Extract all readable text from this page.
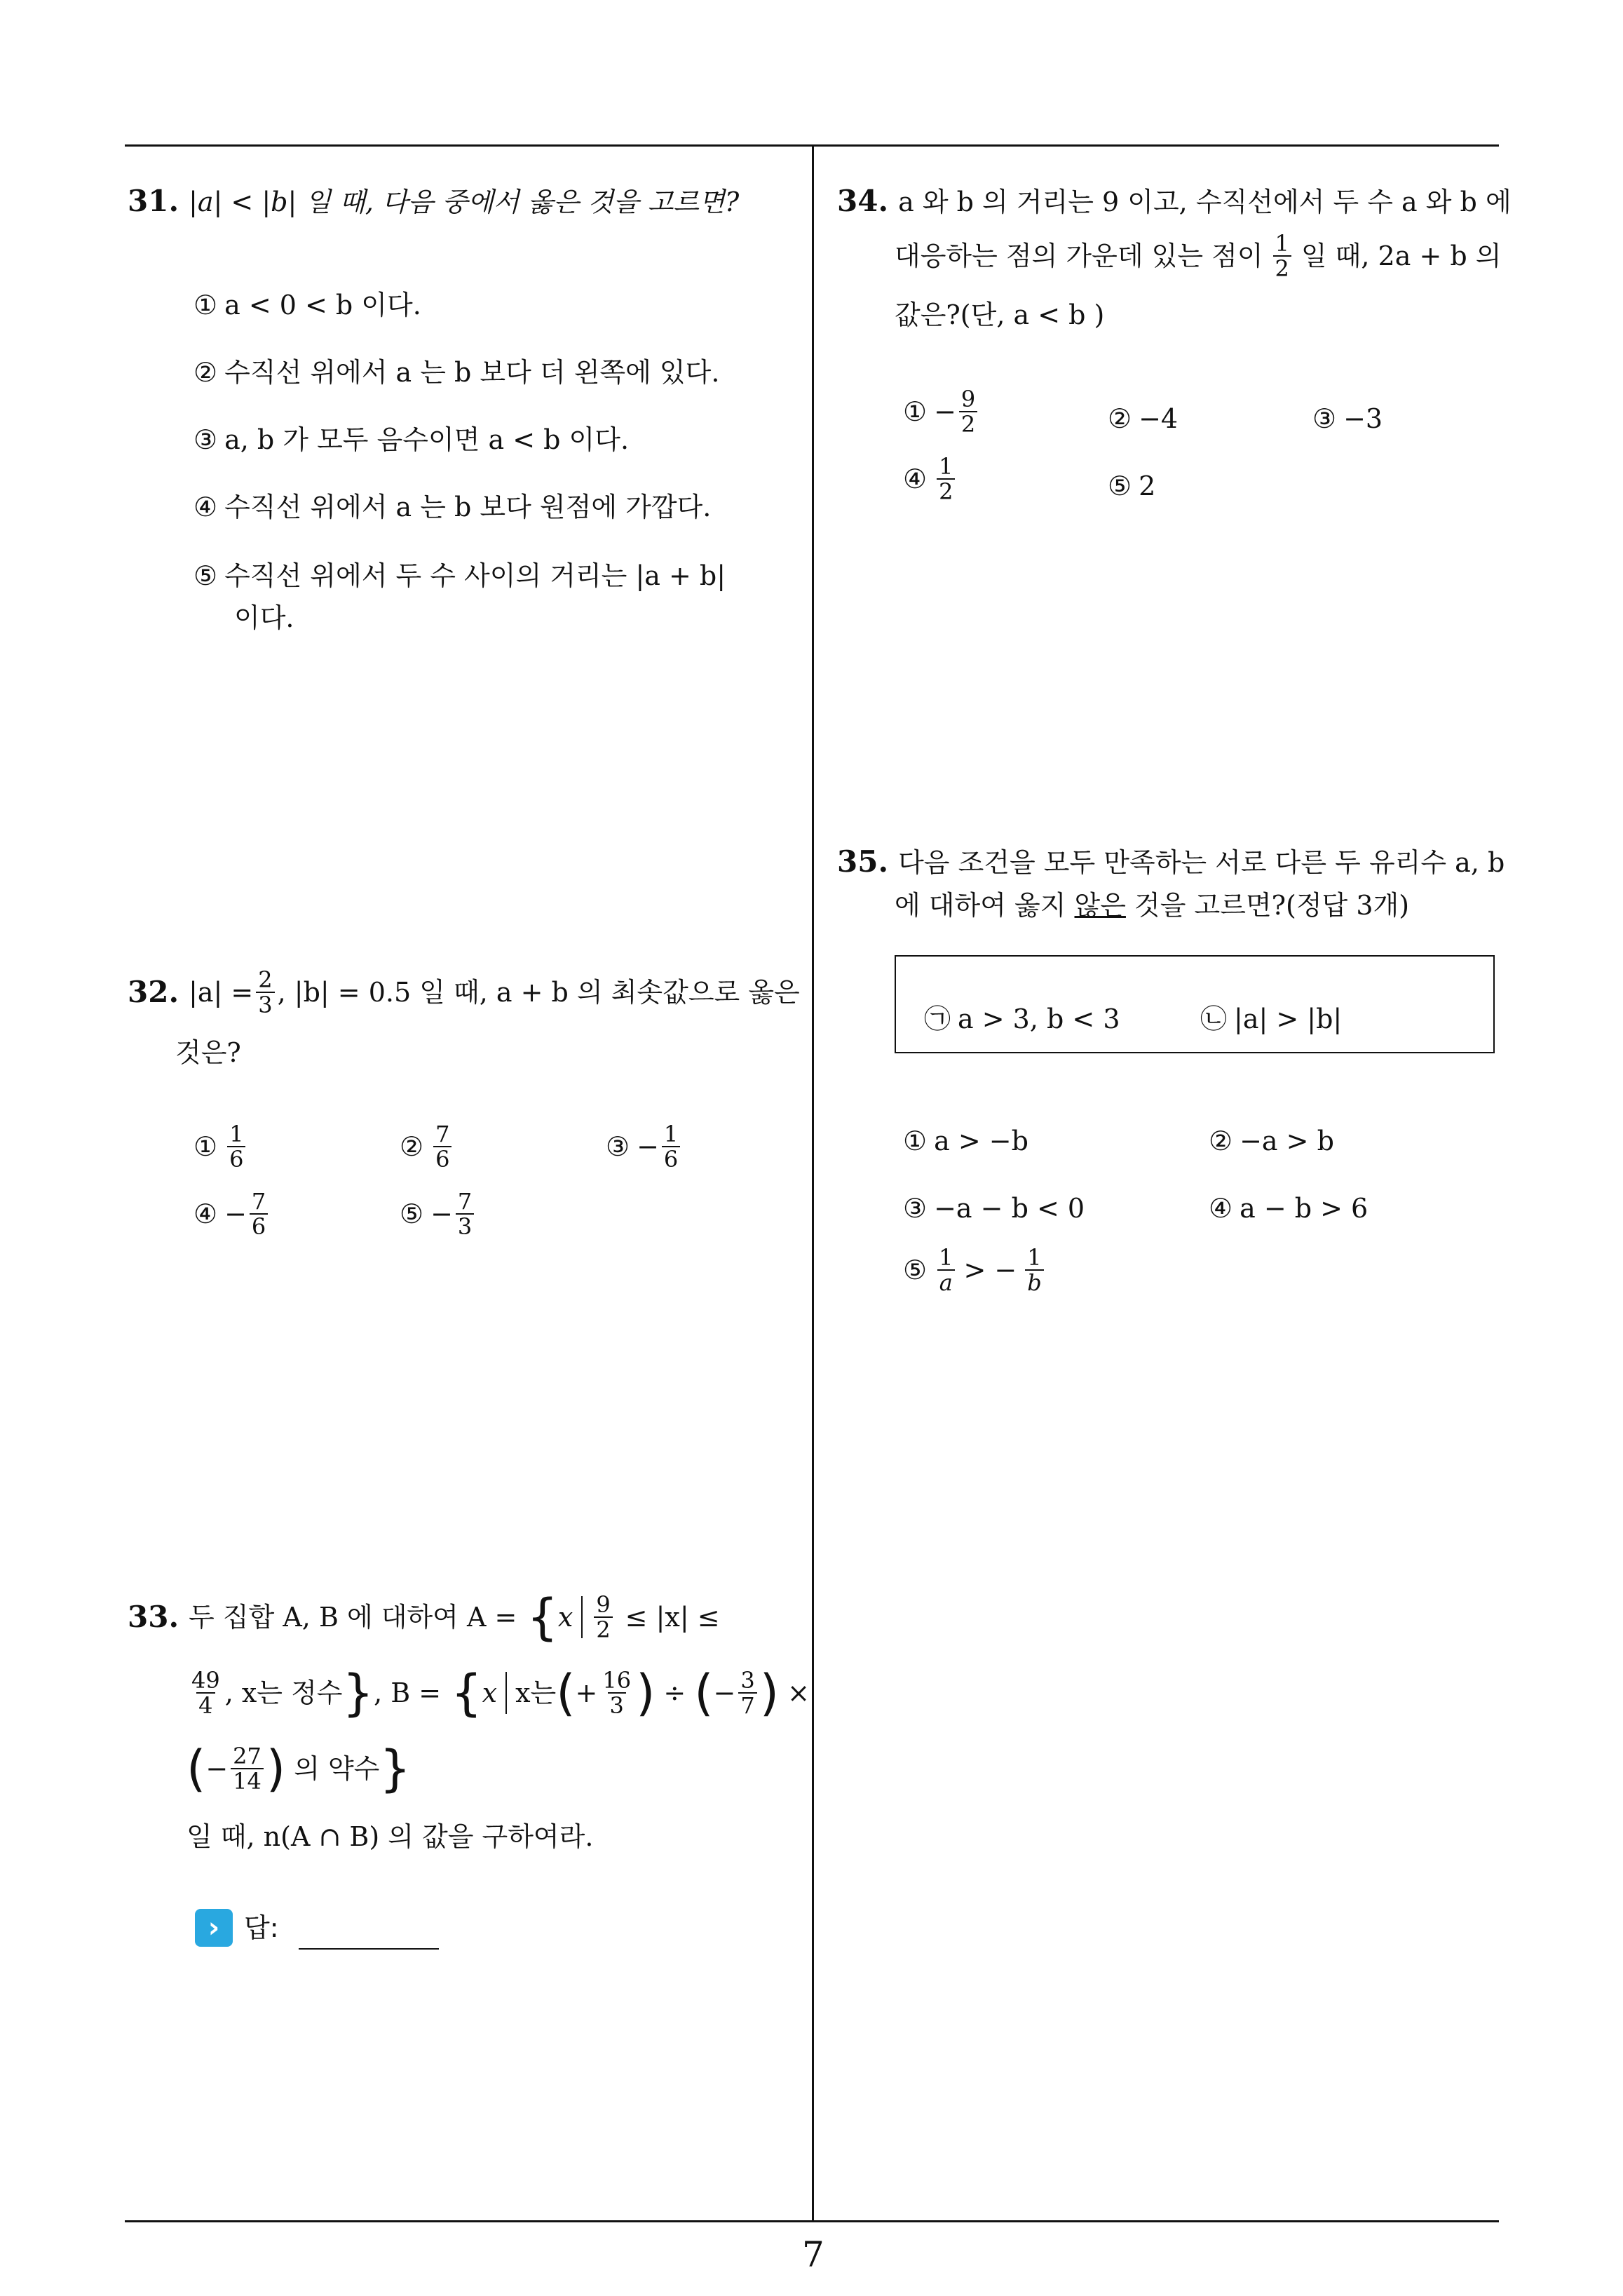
31. |a| < |b| 일 때, 다음 중에서 옳은 것을 고르면?
① a < 0 < b 이다.
② 수직선 위에서 a 는 b 보다 더 왼쪽에 있다.
③ a, b 가 모두 음수이면 a < b 이다.
④ 수직선 위에서 a 는 b 보다 원점에 가깝다.
⑤ 수직선 위에서 두 수 사이의 거리는 |a + b|
이다.
32. $|a| = \frac{2}{3}$ , |b| = 0.5 일 때, a + b 의 최솟값으로 옳은
것은?
① $\frac{1}{6}$	② $\frac{7}{6}$	③ − $\frac{1}{6}$
④ − $\frac{7}{6}$	⑤ − $\frac{7}{3}$
33. 두 집합 A, B 에 대하여 A = { x $\frac{9}{2} \le |x|$ ≤
$\frac{49}{4}$ , x는 정수 } , B = { x x는 ( + $\frac{16}{3}$ ) ÷ ( − $\frac{3}{7}$ ) ×
( − $\frac{27}{14}$ ) 의 약수 }
일 때, n(A ∩ B) 의 값을 구하여라.
› 답:
34. a 와 b 의 거리는 9 이고, 수직선에서 두 수 a 와 b 에
대응하는 점의 가운데 있는 점이 $\frac{1}{2}$ 일 때, 2a + b 의
값은?(단, a < b )
① − $\frac{9}{2}$	② −4	③ −3
④ $\frac{1}{2}$	⑤ 2
35. 다음 조건을 모두 만족하는 서로 다른 두 유리수 a, b
에 대하여 옳지 않은 것을 고르면?(정답 3개)
㉠ a > 3, b < 3	㉡ |a| > |b|
① a > −b	② −a > b
③ −a − b < 0	④ a − b > 6
⑤ $\frac{1}{a}$ > − $\frac{1}{b}$
7
